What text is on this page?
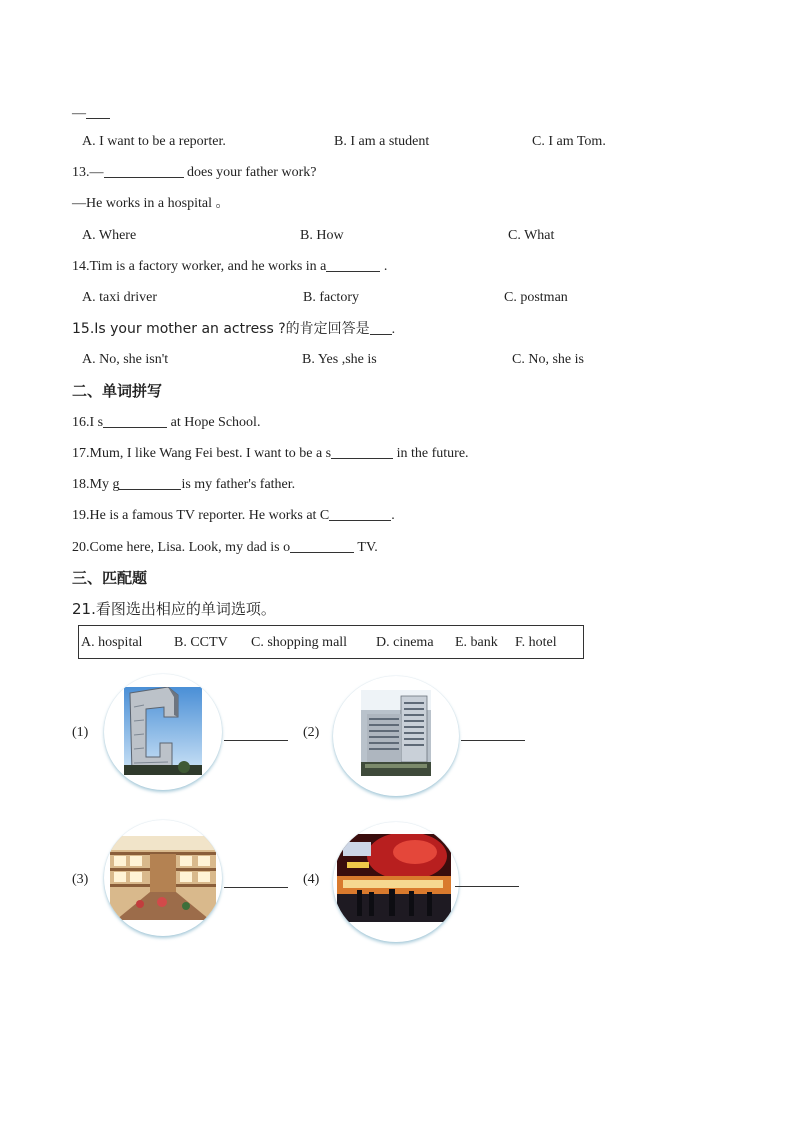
—
A. I want to be a reporter.	B. I am a student	C. I am Tom.
13.—	does your father work?
—He works in a hospital 。
A. Where	B. How	C. What
14.Tim is a factory worker, and he works in a	.
A. taxi driver	B. factory	C. postman
15.Is your mother an actress ?的肯定回答是 .
A. No, she isn't	B. Yes ,she is	C. No, she is
二、单词拼写
16.I s	at Hope School.
17.Mum, I like Wang Fei best. I want to be a s	in the future.
18.My g	is my father's father.
19.He is a famous TV reporter. He works at C	.
20.Come here, Lisa. Look, my dad is o	TV.
三、匹配题
21.看图选出相应的单词选项。
A. hospital B. CCTV C. shopping mall D. cinema E. bank F. hotel
(1)	(2)
(3)	(4)
